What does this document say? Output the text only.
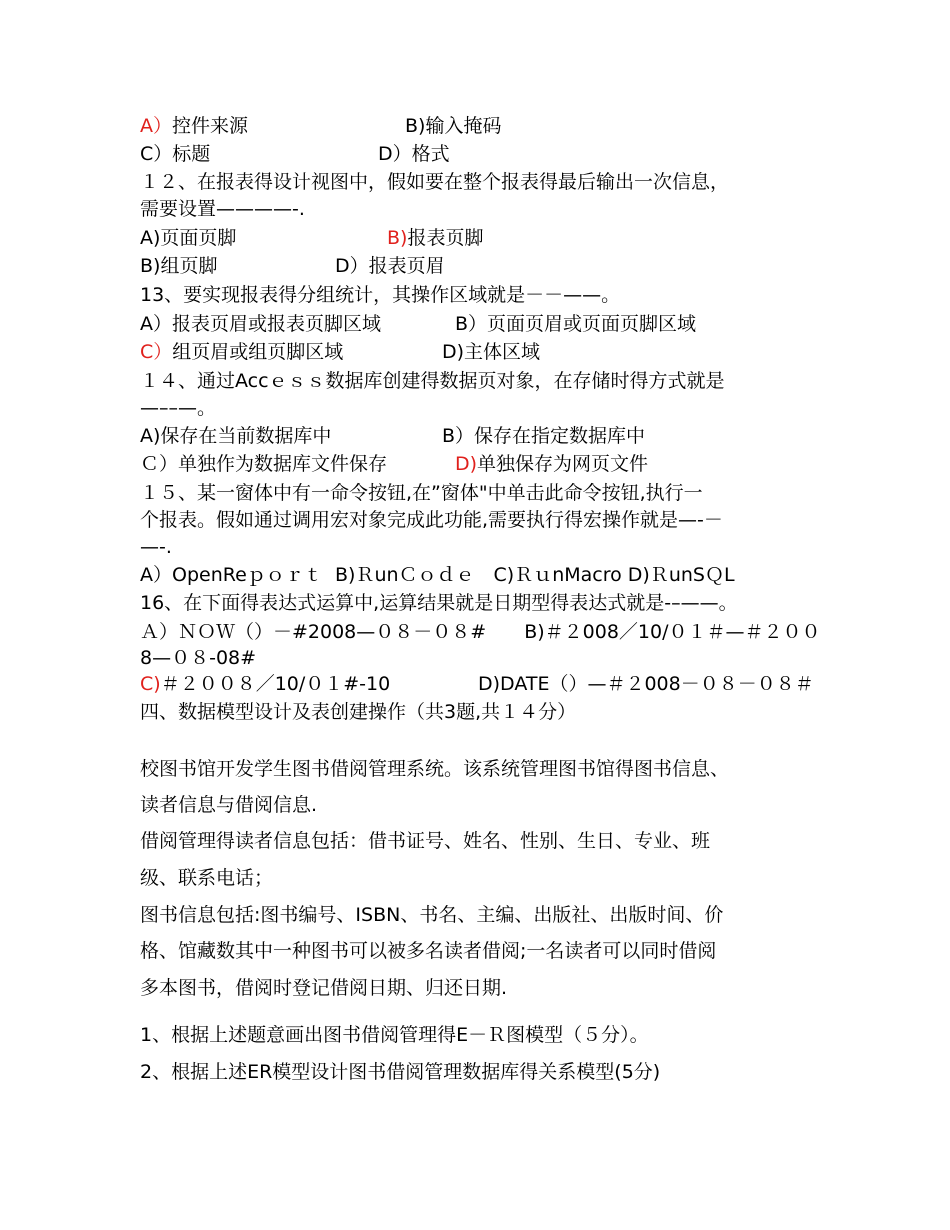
A）控件来源	B)输入掩码
C）标题	D）格式
１２、在报表得设计视图中，假如要在整个报表得最后输出一次信息，
需要设置————-.
A)页面页脚	B)报表页脚
B)组页脚	D）报表页眉
13、要实现报表得分组统计，其操作区域就是－－——。
A）报表页眉或报表页脚区域	B）页面页眉或页面页脚区域
C）组页眉或组页脚区域	D)主体区域
１４、通过Accｅｓｓ数据库创建得数据页对象，在存储时得方式就是
—––—。
A)保存在当前数据库中	B）保存在指定数据库中
Ｃ）单独作为数据库文件保存	D)单独保存为网页文件
１５、某一窗体中有一命令按钮,在”窗体"中单击此命令按钮,执行一
个报表。假如通过调用宏对象完成此功能,需要执行得宏操作就是—-－
—-.
A）OpenReｐｏｒｔ B)ＲunＣｏｄｅ　C)ＲｕnMacro D)ＲunSＱL
16、在下面得表达式运算中,运算结果就是日期型得表达式就是-–——。
Ａ）ＮＯＷ（）－#2008—０８－０８#　　B)＃２008／10/０１＃—＃２００
8—０８-08#
C)＃２００８／10/０１#-10	D)DATE（）—＃２008－０８－０８＃
四、数据模型设计及表创建操作（共3题,共１４分）
校图书馆开发学生图书借阅管理系统。该系统管理图书馆得图书信息、
读者信息与借阅信息.
借阅管理得读者信息包括：借书证号、姓名、性别、生日、专业、班
级、联系电话；
图书信息包括:图书编号、ISBN、书名、主编、出版社、出版时间、价
格、馆藏数其中一种图书可以被多名读者借阅;一名读者可以同时借阅
多本图书，借阅时登记借阅日期、归还日期.
1、根据上述题意画出图书借阅管理得E－Ｒ图模型（５分）。
2、根据上述ER模型设计图书借阅管理数据库得关系模型(5分)
